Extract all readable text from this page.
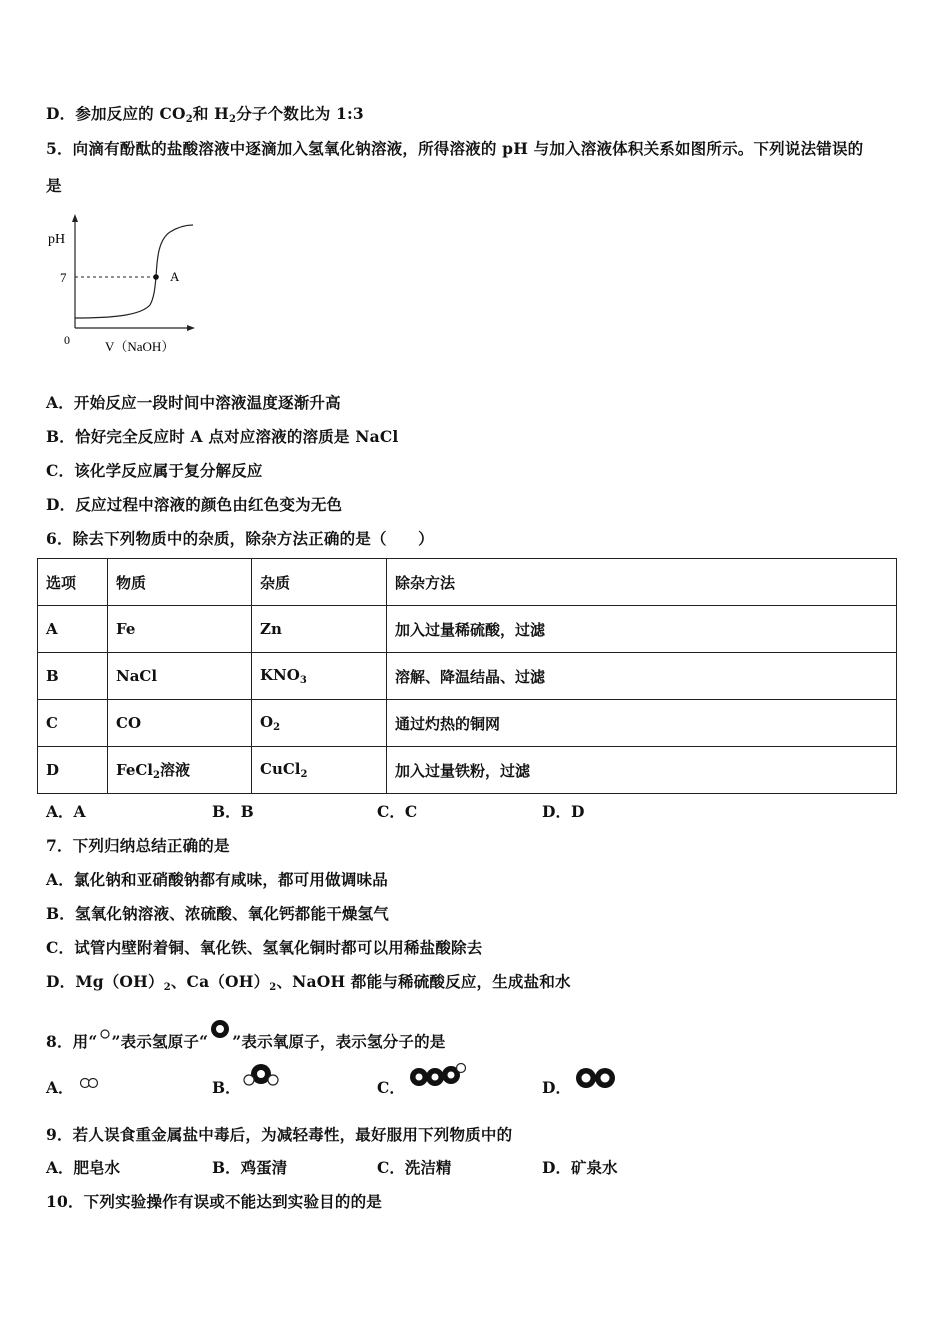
D．参加反应的 $CO_2$和 $H_2$分子个数比为 1:3
5．向滴有酚酞的盐酸溶液中逐滴加入氢氧化钠溶液，所得溶液的 pH 与加入溶液体积关系如图所示。下列说法错误的
是
pH
7
0
A
V（NaOH）
A．开始反应一段时间中溶液温度逐渐升高
B．恰好完全反应时 A 点对应溶液的溶质是 NaCl
C．该化学反应属于复分解反应
D．反应过程中溶液的颜色由红色变为无色
6．除去下列物质中的杂质，除杂方法正确的是（　　）
选项	物质	杂质	除杂方法
A	Fe	Zn	加入过量稀硫酸，过滤
B	NaCl	$KNO_3$	溶解、降温结晶、过滤
C	CO	$O_2$	通过灼热的铜网
D	FeCl$_2$溶液	CuCl$_2$	加入过量铁粉，过滤
A．A	B．B	C．C	D．D
7．下列归纳总结正确的是
A．氯化钠和亚硝酸钠都有咸味，都可用做调味品
B．氢氧化钠溶液、浓硫酸、氧化钙都能干燥氢气
C．试管内壁附着铜、氧化铁、氢氧化铜时都可以用稀盐酸除去
D．$Mg(OH)_2$、$Ca(OH)_2$、NaOH 都能与稀硫酸反应，生成盐和水
8．用“ ”表示氢原子“ ”表示氧原子，表示氢分子的是
A．	B．	C．	D．
9．若人误食重金属盐中毒后，为减轻毒性，最好服用下列物质中的
A．肥皂水	B．鸡蛋清	C．洗洁精	D．矿泉水
10．下列实验操作有误或不能达到实验目的的是
